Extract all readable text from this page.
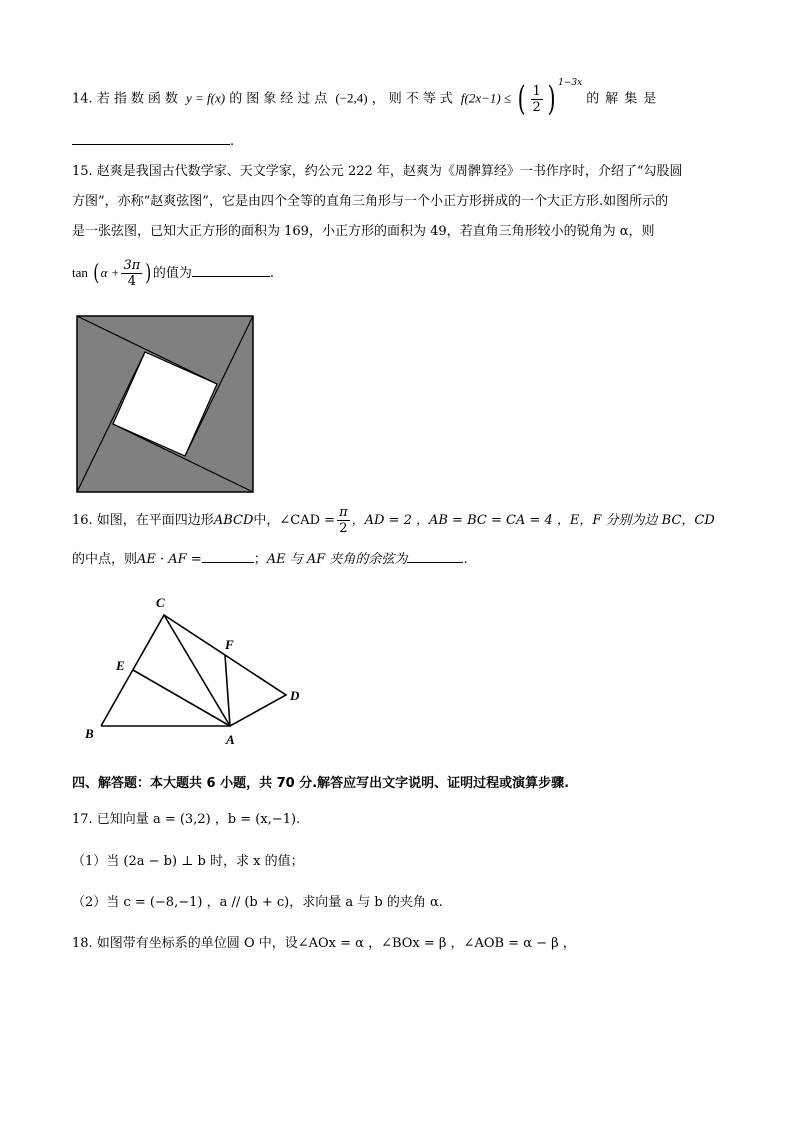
14. 若指数函数 y = f(x) 的图象经过点 (−2,4) ，则不等式 f(2x−1) ≤ ( $\frac{1}{2}$ ) $^{1-3x}$ 的解集是
.
15. 赵爽是我国古代数学家、天文学家，约公元 222 年，赵爽为《周髀算经》一书作序时，介绍了“勾股圆
方图”，亦称“赵爽弦图”，它是由四个全等的直角三角形与一个小正方形拼成的一个大正方形.如图所示的
是一张弦图，已知大正方形的面积为 169，小正方形的面积为 49，若直角三角形较小的锐角为 α，则
$\tan (\alpha + \frac{3\pi}{4}$ )的值为	.
16. 如图，在平面四边形ABCD中，∠CAD = $\frac{\pi}{2}$ ，AD = 2 ，AB = BC = CA = 4 ，E，F 分别为边 BC，CD
的中点，则AE · AF =	；AE 与 AF 夹角的余弦为	.
C
F
E
D
B	A
四、解答题：本大题共 6 小题，共 70 分.解答应写出文字说明、证明过程或演算步骤.
17. 已知向量 a = (3,2) ，b = (x,−1).
（1）当 (2a − b) ⊥ b 时，求 x 的值；
（2）当 c = (−8,−1) ，a // (b + c)，求向量 a 与 b 的夹角 α.
18. 如图带有坐标系的单位圆 O 中，设∠AOx = α ，∠BOx = β ，∠AOB = α − β ，
